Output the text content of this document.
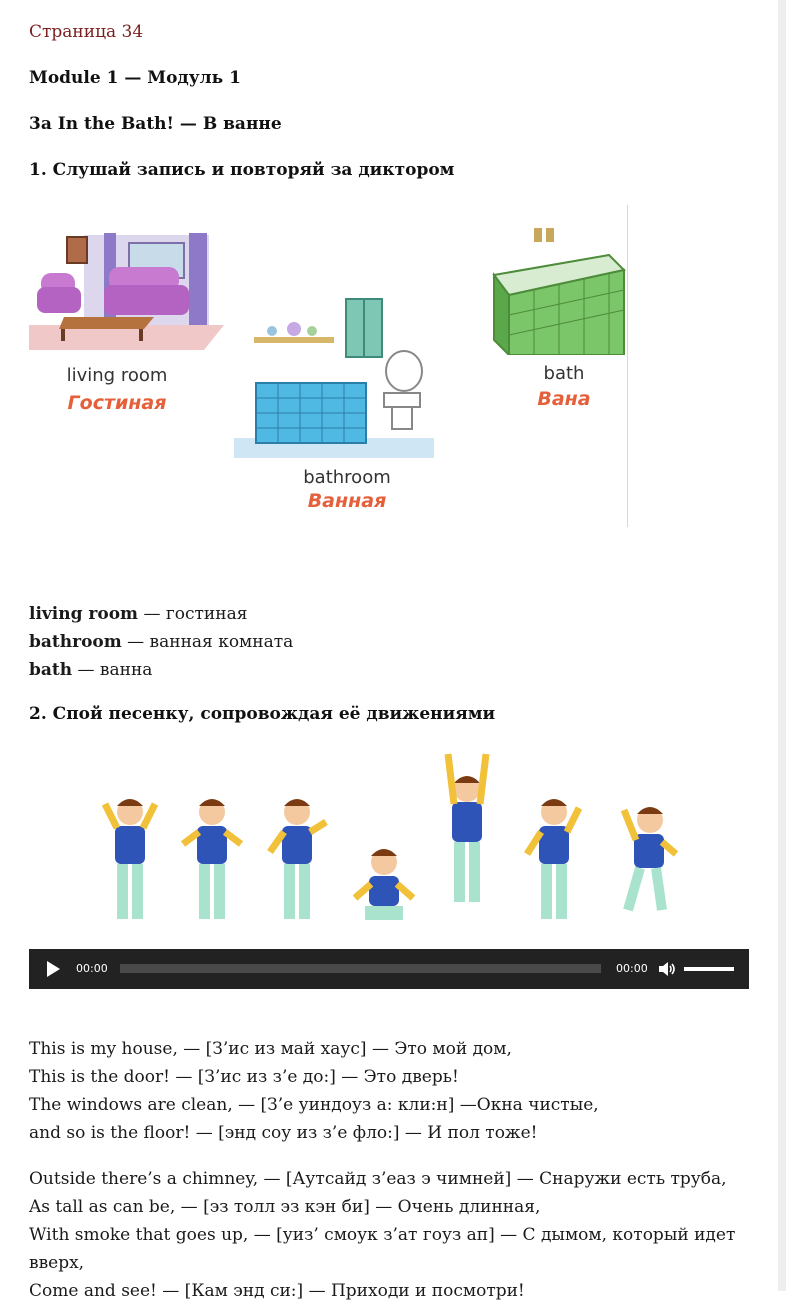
Страница 34
Module 1 — Модуль 1
3a In the Bath! — В ванне
1. Слушай запись и повторяй за диктором
living room
Гостиная
bathroom
Ванная
bath
Вана
living room — гостиная
bathroom — ванная комната
bath — ванна
2. Спой песенку, сопровождая её движениями
00:00	00:00
This is my house, — [З’ис из май хаус] — Это мой дом,
This is the door! — [З’ис из з’е до:] — Это дверь!
The windows are clean, — [З’е уиндоуз а: кли:н] —Окна чистые,
and so is the floor! — [энд соу из з’е фло:] — И пол тоже!
Outside there’s a chimney, — [Аутсайд з’еаз э чимней] — Снаружи есть труба,
As tall as can be, — [эз толл эз кэн би] — Очень длинная,
With smoke that goes up, — [уиз’ смоук з’ат гоуз ап] — С дымом, который идет вверх,
Come and see! — [Кам энд си:] — Приходи и посмотри!
